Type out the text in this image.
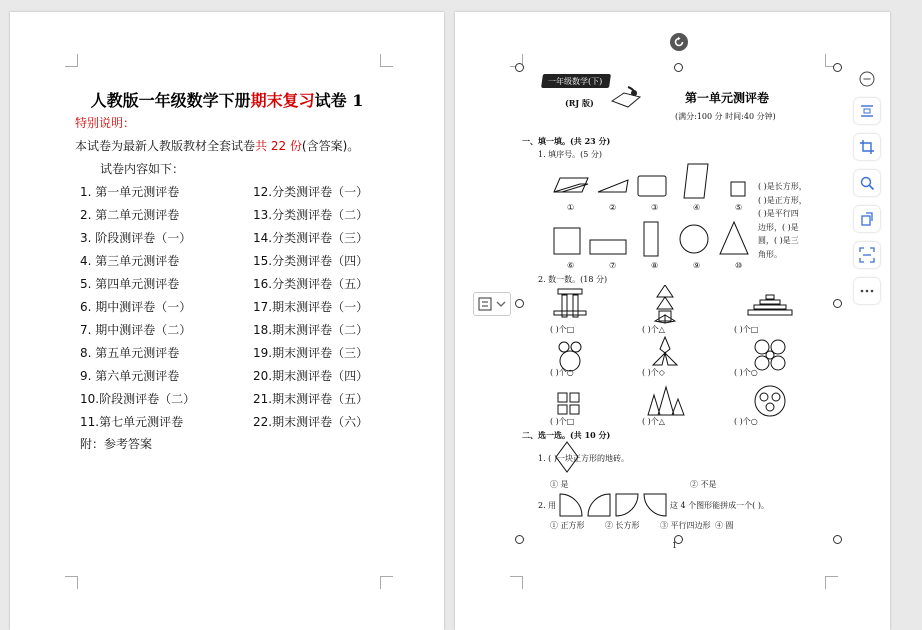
人教版一年级数学下册期末复习试卷 1
特别说明：
本试卷为最新人教版教材全套试卷共 22 份(含答案)。
试卷内容如下：
1. 第一单元测评卷
2. 第二单元测评卷
3. 阶段测评卷（一）
4. 第三单元测评卷
5. 第四单元测评卷
6. 期中测评卷（一）
7. 期中测评卷（二）
8. 第五单元测评卷
9. 第六单元测评卷
10.阶段测评卷（二）
11.第七单元测评卷
12.分类测评卷（一）
13.分类测评卷（二）
14.分类测评卷（三）
15.分类测评卷（四）
16.分类测评卷（五）
17.期末测评卷（一）
18.期末测评卷（二）
19.期末测评卷（三）
20.期末测评卷（四）
21.期末测评卷（五）
22.期末测评卷（六）
附：参考答案
一年级数学(下)
(RJ 版)	第一单元测评卷
(满分:100 分 时间:40 分钟)
一、填一填。(共 23 分)
1. 填序号。(5 分)
①	②	③	④	⑤
⑥	⑦	⑧	⑨	⑩
( )是长方形，
( )是正方形，
( )是平行四
边形，( )是
圆，( )是三
角形。
2. 数一数。(18 分)
( )个□	( )个△	( )个□
( )个○	( )个◇	( )个○
( )个□	( )个△	( )个○
二、选一选。(共 10 分)
1. ( )一块正方形的地砖。
① 是	② 不是
2. 用	这 4 个图形能拼成一个( )。
① 正方形	② 长方形	③ 平行四边形 ④ 圆
1
